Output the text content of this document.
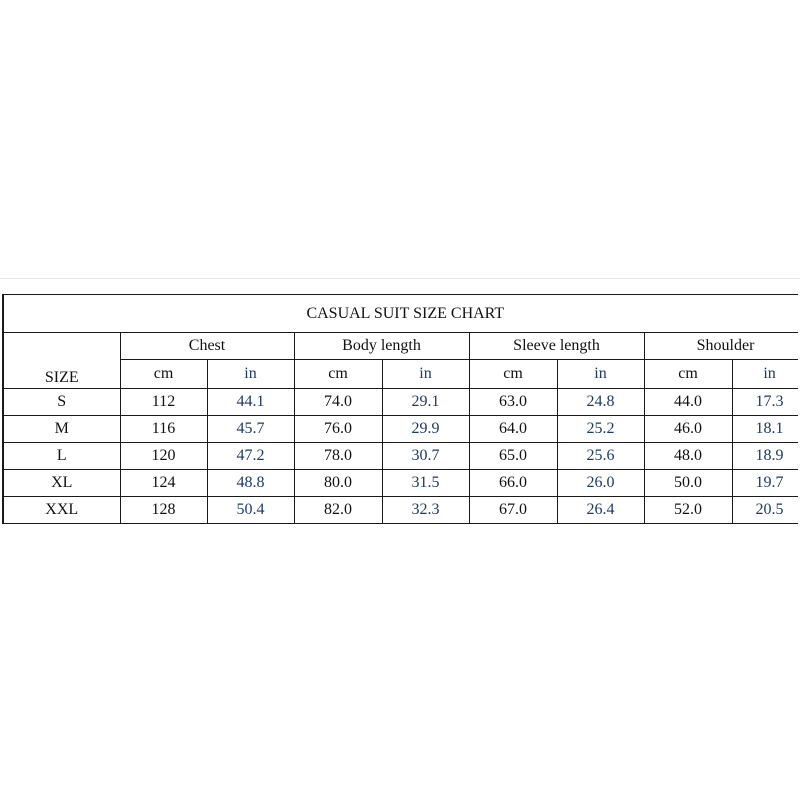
CASUAL SUIT SIZE CHART								
	Chest		Body length		Sleeve length		Shoulder	
SIZE	cm	in	cm	in	cm	in	cm	in
S	112	44.1	74.0	29.1	63.0	24.8	44.0	17.3
M	116	45.7	76.0	29.9	64.0	25.2	46.0	18.1
L	120	47.2	78.0	30.7	65.0	25.6	48.0	18.9
XL	124	48.8	80.0	31.5	66.0	26.0	50.0	19.7
XXL	128	50.4	82.0	32.3	67.0	26.4	52.0	20.5
